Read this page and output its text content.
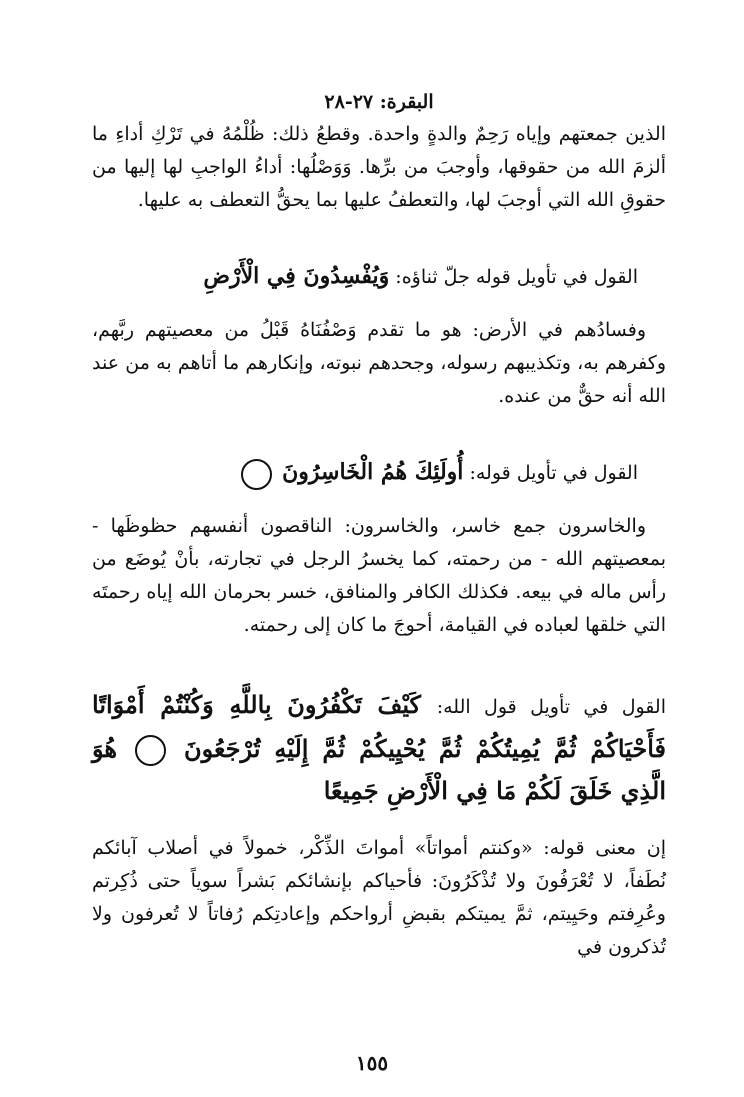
البقرة: ٢٧-٢٨

الذين جمعتهم وإياه رَحِمٌ والدةٍ واحدة. وقطعُ ذلك: ظُلْمُهُ في تَرْكِ أداءِ ما ألزمَ الله من حقوقها، وأوجبَ من برِّها. وَوَصْلُها: أداءُ الواجبِ لها إليها من حقوقِ الله التي أوجبَ لها، والتعطفُ عليها بما يحقُّ التعطف به عليها.

القول في تأويل قوله جلّ ثناؤه: وَيُفْسِدُونَ فِي الْأَرْضِ

وفسادُهم في الأرض: هو ما تقدم وَصْفُنَاهُ قَبْلُ من معصيتهم ربَّهم، وكفرهم به، وتكذيبهم رسوله، وجحدهم نبوته، وإنكارهم ما أتاهم به من عند الله أنه حقٌّ من عنده.

القول في تأويل قوله: أُولَئِكَ هُمُ الْخَاسِرُونَ ٢٧

والخاسرون جمع خاسر، والخاسرون: الناقصون أنفسهم حظوظَها - بمعصيتهم الله - من رحمته، كما يخسرُ الرجل في تجارته، بأنْ يُوضَع من رأس ماله في بيعه. فكذلك الكافر والمنافق، خسر بحرمان الله إياه رحمتَه التي خلقها لعباده في القيامة، أحوجَ ما كان إلى رحمته.

القول في تأويل قول الله: كَيْفَ تَكْفُرُونَ بِاللَّهِ وَكُنْتُمْ أَمْوَاتًا فَأَحْيَاكُمْ ثُمَّ يُمِيتُكُمْ ثُمَّ يُحْيِيكُمْ ثُمَّ إِلَيْهِ تُرْجَعُونَ ٢٨ هُوَ الَّذِي خَلَقَ لَكُمْ مَا فِي الْأَرْضِ جَمِيعًا

إن معنى قوله: «وكنتم أمواتاً» أمواتَ الذِّكْر، خمولاً في أصلاب آبائكم نُطَفاً، لا تُعْرَفُونَ ولا تُذْكَرُونَ: فأحياكم بإنشائكم بَشراً سوياً حتى ذُكِرتم وعُرِفتم وحَيِيتم، ثمَّ يميتكم بقبضِ أرواحكم وإعادتِكم رُفاتاً لا تُعرفون ولا تُذكرون في

١٥٥
